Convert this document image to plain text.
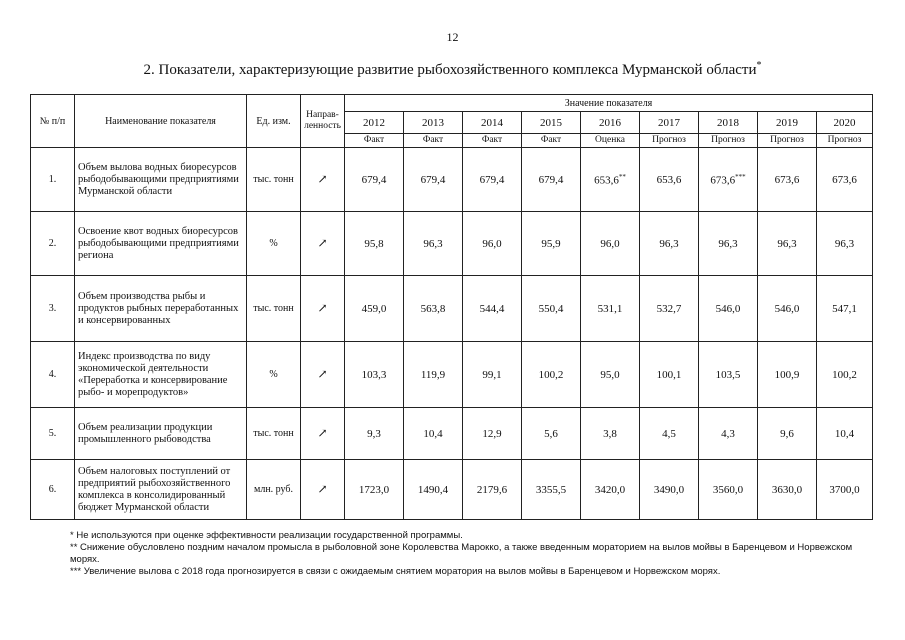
12
2. Показатели, характеризующие развитие рыбохозяйственного комплекса Мурманской области*
№ п/п	Наименование показателя	Ед. изм.	Направ-ленность	Значение показателя								
				2012	2013	2014	2015	2016	2017	2018	2019	2020
				Факт	Факт	Факт	Факт	Оценка	Прогноз	Прогноз	Прогноз	Прогноз
1.	Объем вылова водных биоресурсов рыбодобывающими предприятиями Мурманской области	тыс. тонн	↗	679,4	679,4	679,4	679,4	653,6**	653,6	673,6***	673,6	673,6
2.	Освоение квот водных биоресурсов рыбодобывающими предприятиями региона	%	↗	95,8	96,3	96,0	95,9	96,0	96,3	96,3	96,3	96,3
3.	Объем производства рыбы и продуктов рыбных переработанных и консервированных	тыс. тонн	↗	459,0	563,8	544,4	550,4	531,1	532,7	546,0	546,0	547,1
4.	Индекс производства по виду экономической деятельности «Переработка и консервирование рыбо- и морепродуктов»	%	↗	103,3	119,9	99,1	100,2	95,0	100,1	103,5	100,9	100,2
5.	Объем реализации продукции промышленного рыбоводства	тыс. тонн	↗	9,3	10,4	12,9	5,6	3,8	4,5	4,3	9,6	10,4
6.	Объем налоговых поступлений от предприятий рыбохозяйственного комплекса в консолидированный бюджет Мурманской области	млн. руб.	↗	1723,0	1490,4	2179,6	3355,5	3420,0	3490,0	3560,0	3630,0	3700,0

* Не используются при оценке эффективности реализации государственной программы.

** Снижение обусловлено поздним началом промысла в рыболовной зоне Королевства Марокко, а также введенным мораторием на вылов мойвы в Баренцевом и Норвежском морях.

*** Увеличение вылова с 2018 года прогнозируется в связи с ожидаемым снятием моратория на вылов мойвы в Баренцевом и Норвежском морях.
